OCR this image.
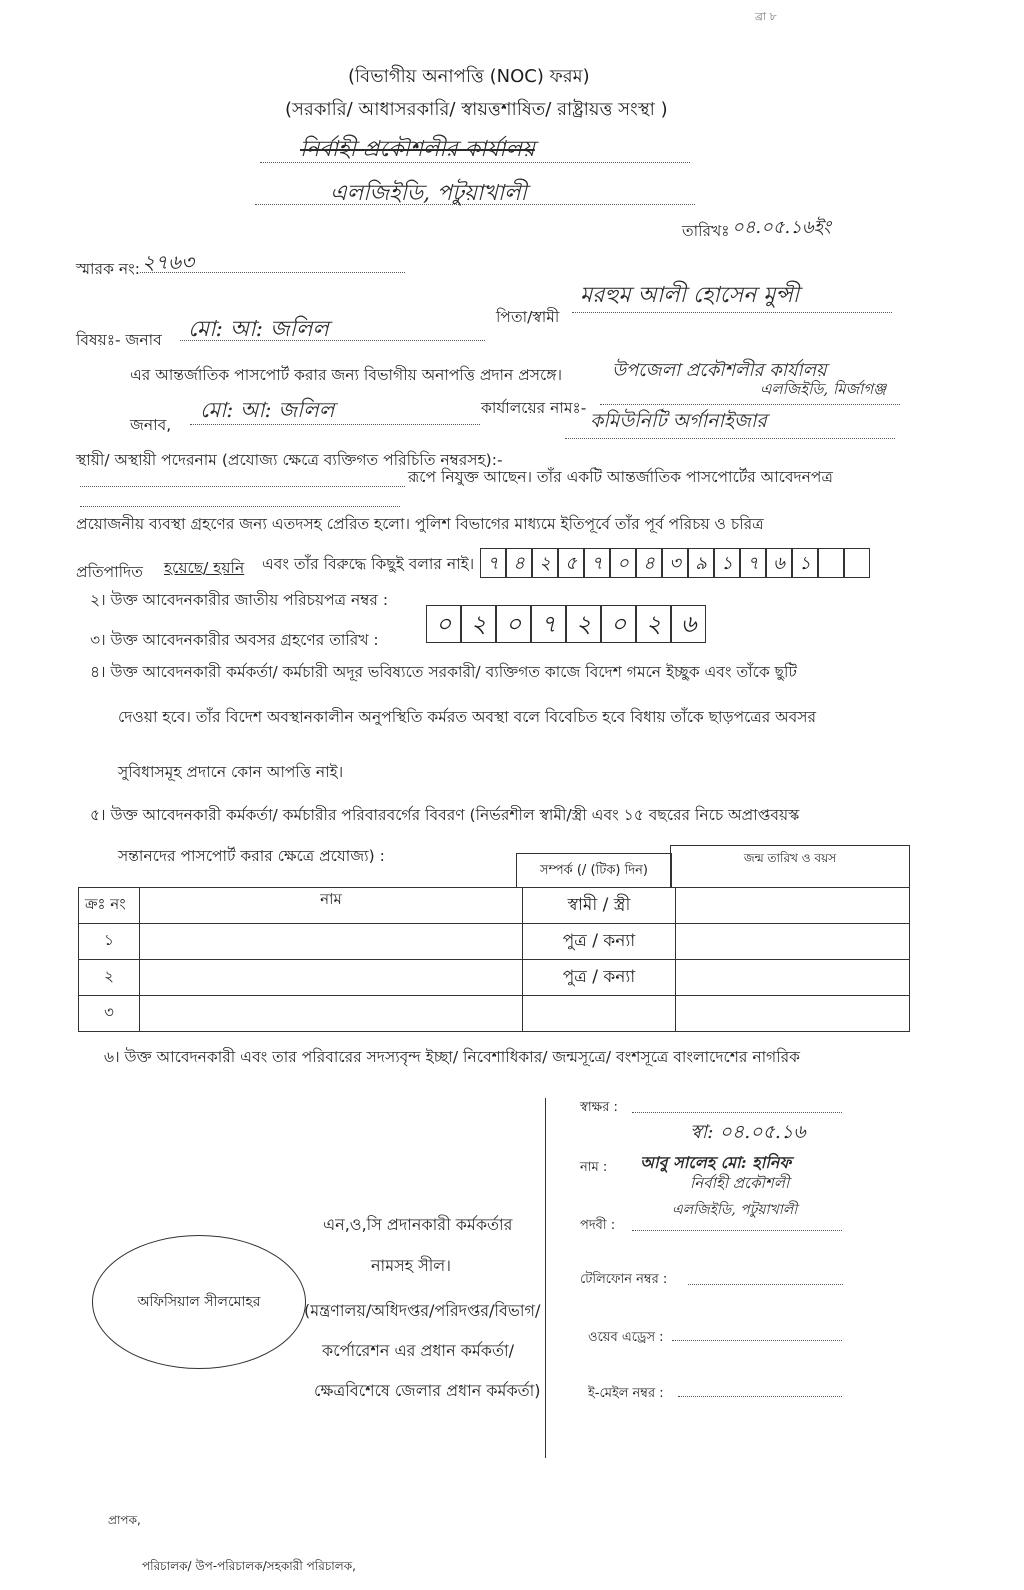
ব্রা ৮
(বিভাগীয় অনাপত্তি (NOC) ফরম)
(সরকারি/ আধাসরকারি/ স্বায়ত্তশাষিত/ রাষ্ট্রায়ত্ত সংস্থা )
নির্বাহী প্রকৌশলীর কার্যালয়
এলজিইডি, পটুয়াখালী
তারিখঃ ০৪.০৫.১৬ইং
স্মারক নং: ২৭৬৩
বিষয়ঃ- জনাব মো: আ: জলিল	পিতা/স্বামী
মরহুম আলী হোসেন মুন্সী
এর আন্তর্জাতিক পাসপোর্ট করার জন্য বিভাগীয় অনাপত্তি প্রদান প্রসঙ্গে।
জনাব,
মো: আ: জলিল	কার্যালয়ের নামঃ-
উপজেলা প্রকৌশলীর কার্যালয়
এলজিইডি, মির্জাগঞ্জ
স্থায়ী/ অস্থায়ী পদেরনাম (প্রযোজ্য ক্ষেত্রে ব্যক্তিগত পরিচিতি নম্বরসহ):-
কমিউনিটি অর্গানাইজার
রূপে নিযুক্ত আছেন। তাঁর একটি আন্তর্জাতিক পাসপোর্টের আবেদনপত্র
প্রয়োজনীয় ব্যবস্থা গ্রহণের জন্য এতদসহ প্রেরিত হলো। পুলিশ বিভাগের মাধ্যমে ইতিপূর্বে তাঁর পূর্ব পরিচয় ও চরিত্র
প্রতিপাদিত হয়েছে/ হয়নি এবং তাঁর বিরুদ্ধে কিছুই বলার নাই।
২। উক্ত আবেদনকারীর জাতীয় পরিচয়পত্র নম্বর :
৭ ৪ ২ ৫ ৭ ০ ৪ ৩ ৯ ১ ৭ ৬ ১
৩। উক্ত আবেদনকারীর অবসর গ্রহণের তারিখ :
০ ২ ০ ৭ ২ ০ ২ ৬
৪। উক্ত আবেদনকারী কর্মকর্তা/ কর্মচারী অদূর ভবিষ্যতে সরকারী/ ব্যক্তিগত কাজে বিদেশ গমনে ইচ্ছুক এবং তাঁকে ছুটি
দেওয়া হবে। তাঁর বিদেশ অবস্থানকালীন অনুপস্থিতি কর্মরত অবস্থা বলে বিবেচিত হবে বিধায় তাঁকে ছাড়পত্রের অবসর
সুবিধাসমূহ প্রদানে কোন আপত্তি নাই।
৫। উক্ত আবেদনকারী কর্মকর্তা/ কর্মচারীর পরিবারবর্গের বিবরণ (নির্ভরশীল স্বামী/স্ত্রী এবং ১৫ বছরের নিচে অপ্রাপ্তবয়স্ক
সন্তানদের পাসপোর্ট করার ক্ষেত্রে প্রযোজ্য) :
সম্পর্ক (/ (টিক) দিন)
জন্ম তারিখ ও বয়স
ক্রঃ নং	নাম	স্বামী / স্ত্রী	
১		পুত্র / কন্যা	
২		পুত্র / কন্যা	
৩			
৬। উক্ত আবেদনকারী এবং তার পরিবারের সদস্যবৃন্দ ইচ্ছা/ নিবেশাধিকার/ জন্মসূত্রে/ বংশসূত্রে বাংলাদেশের নাগরিক
স্বাক্ষর :
স্বা: ০৪.০৫.১৬
নাম : আবু সালেহ মো: হানিফ
নির্বাহী প্রকৌশলী
পদবী :
এলজিইডি, পটুয়াখালী
টেলিফোন নম্বর :
ওয়েব এড্রেস :
ই-মেইল নম্বর :
অফিসিয়াল সীলমোহর
এন,ও,সি প্রদানকারী কর্মকর্তার
নামসহ সীল।
(মন্ত্রণালয়/অধিদপ্তর/পরিদপ্তর/বিভাগ/
কর্পোরেশন এর প্রধান কর্মকর্তা/
ক্ষেত্রবিশেষে জেলার প্রধান কর্মকর্তা)
প্রাপক,
পরিচালক/ উপ-পরিচালক/সহকারী পরিচালক,
